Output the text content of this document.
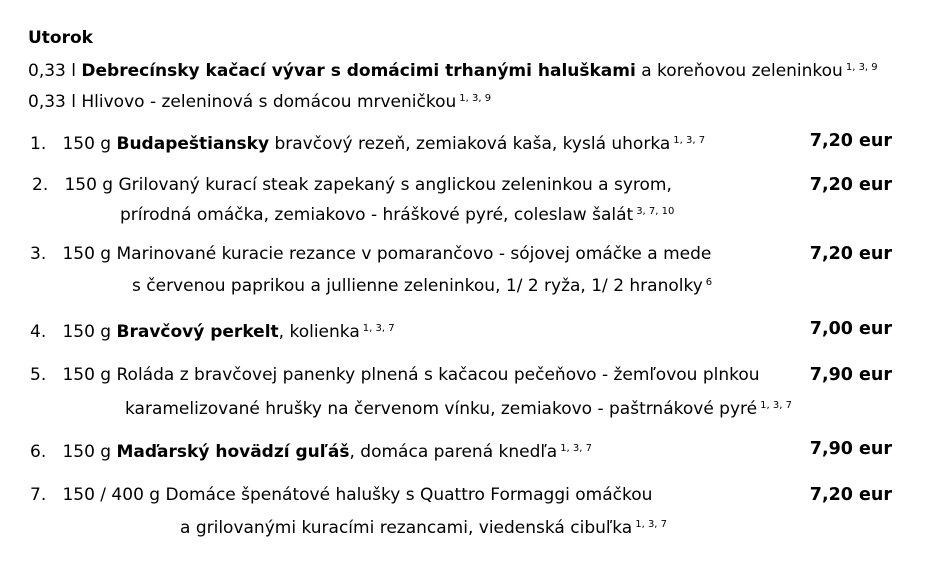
Utorok
0,33 l Debrecínsky kačací vývar s domácimi trhanými haluškami a koreňovou zeleninkou $^{1, 3, 9}$
0,33 l Hlivovo - zeleninová s domácou mrveničkou $^{1, 3, 9}$
1. 150 g Budapeštiansky bravčový rezeň, zemiaková kaša, kyslá uhorka $^{1, 3, 7}$	7,20 eur
2. 150 g Grilovaný kurací steak zapekaný s anglickou zeleninkou a syrom,
prírodná omáčka, zemiakovo - hráškové pyré, coleslaw šalát $^{3, 7, 10}$
7,20 eur
3. 150 g Marinované kuracie rezance v pomarančovo - sójovej omáčke a mede
s červenou paprikou a jullienne zeleninkou, 1/ 2 ryža, 1/ 2 hranolky $^6$
7,20 eur
4. 150 g Bravčový perkelt, kolienka $^{1, 3, 7}$	7,00 eur
5. 150 g Roláda z bravčovej panenky plnená s kačacou pečeňovo - žemľovou plnkou
karamelizované hrušky na červenom vínku, zemiakovo - paštrnákové pyré $^{1, 3, 7}$
7,90 eur
6. 150 g Maďarský hovädzí guľáš, domáca parená knedľa $^{1, 3, 7}$	7,90 eur
7. 150 / 400 g Domáce špenátové halušky s Quattro Formaggi omáčkou
a grilovanými kuracími rezancami, viedenská cibuľka $^{1, 3, 7}$
7,20 eur
